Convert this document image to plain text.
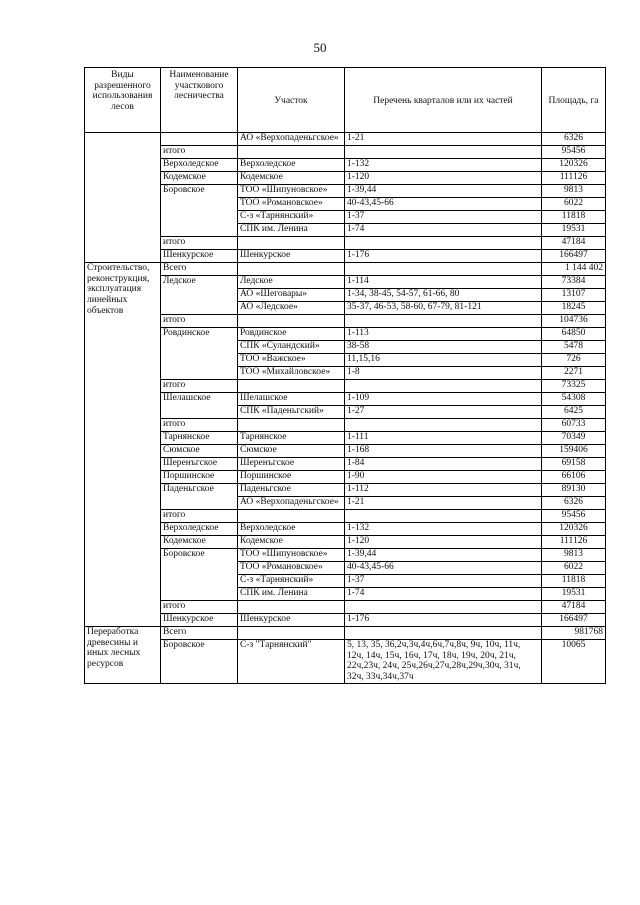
50
Виды разрешенного использования лесов	Наименование участкового лесничества	Участок	Перечень кварталов или их частей	Площадь, га
		АО «Верхопаденьгское»	1-21	6326
	итого			95456
	Верхоледское	Верхоледское	1-132	120326
	Кодемское	Кодемское	1-120	111126
	Боровское	ТОО «Шипуновское»	1-39,44	9813
		ТОО «Романовское»	40-43,45-66	6022
		С-з «Тарнянский»	1-37	11818
		СПК им. Ленина	1-74	19531
	итого			47184
	Шенкурское	Шенкурское	1-176	166497
Строительство, реконструкция, эксплуатация линейных объектов	Всего			1 144 402
	Ледское	Ледское	1-114	73384
		АО «Шеговары»	1-34, 38-45, 54-57, 61-66, 80	13107
		АО «Ледское»	35-37, 46-53, 58-60, 67-79, 81-121	18245
	итого			104736
	Ровдинское	Ровдинское	1-113	64850
		СПК «Суландский»	38-58	5478
		ТОО «Важское»	11,15,16	726
		ТОО «Михайловское»	1-8	2271
	итого			73325
	Шелашское	Шелашское	1-109	54308
		СПК «Паденьгский»	1-27	6425
	итого			60733
	Тарнянское	Тарнянское	1-111	70349
	Сюмское	Сюмское	1-168	159406
	Шеренъгское	Шеренъгское	1-84	69158
	Поршинское	Поршинское	1-90	66106
	Паденьгское	Паденьгское	1-112	89130
		АО «Верхопаденьгское»	1-21	6326
	итого			95456
	Верхоледское	Верхоледское	1-132	120326
	Кодемское	Кодемское	1-120	111126
	Боровское	ТОО «Шипуновское»	1-39,44	9813
		ТОО «Романовское»	40-43,45-66	6022
		С-з «Тарнянский»	1-37	11818
		СПК им. Ленина	1-74	19531
	итого			47184
	Шенкурское	Шенкурское	1-176	166497
Переработка древесины и иных лесных ресурсов	Всего			981768
	Боровское	С-з "Тарнянский"	5, 13, 35, 36,2ч,3ч,4ч,6ч,7ч,8ч, 9ч, 10ч, 11ч, 12ч, 14ч, 15ч, 16ч, 17ч, 18ч, 19ч, 20ч, 21ч, 22ч,23ч, 24ч, 25ч,26ч,27ч,28ч,29ч,30ч, 31ч, 32ч, 33ч,34ч,37ч	10065
